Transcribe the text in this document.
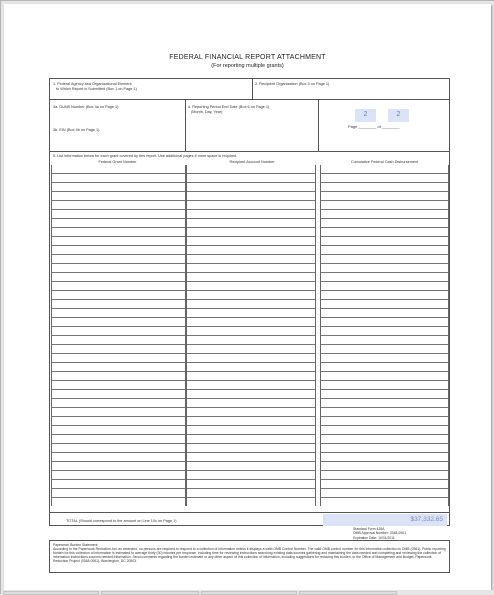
FEDERAL FINANCIAL REPORT ATTACHMENT
(For reporting multiple grants)
1. Federal Agency and Organizational Element
to Which Report is Submitted (Box 1 on Page 1)
2. Recipient Organization (Box 3 on Page 1)
3a. DUNS Number (Box 4a on Page 1)
3b. EIN (Box 4b on Page 1)
4. Reporting Period End Date (Box 6 on Page 1)
(Month, Day, Year)	2	2
Page ________ of ________
5. List information below for each grant covered by this report. Use additional pages if more space is required.
Federal Grant Number	Recipient Account Number	Cumulative Federal Cash Disbursement
TOTAL (Should correspond to the amount on Line 10c on Page 1)	$37,332.65
Standard Form 425A
OMB Approval Number: 0348-0061
Expiration Date: 10/31/2011
Paperwork Burden Statement
According to the Paperwork Reduction Act, as amended, no persons are required to respond to a collection of information unless it displays a valid OMB Control Number. The valid OMB control number for this information collection is OMB (0361). Public reporting burden for this collection of information is estimated to average thirty (30) minutes per response, including time for reviewing instructions searching existing data sources gathering and maintaining the data needed and completing and reviewing the collection of information instructions,sources,needed,information. Send comments regarding the burden estimate or any other aspect of this collection of information, including suggestions for reducing this burden, to the Office of Management and Budget, Paperwork Reduction Project (0348-0061), Washington, DC 20503.
